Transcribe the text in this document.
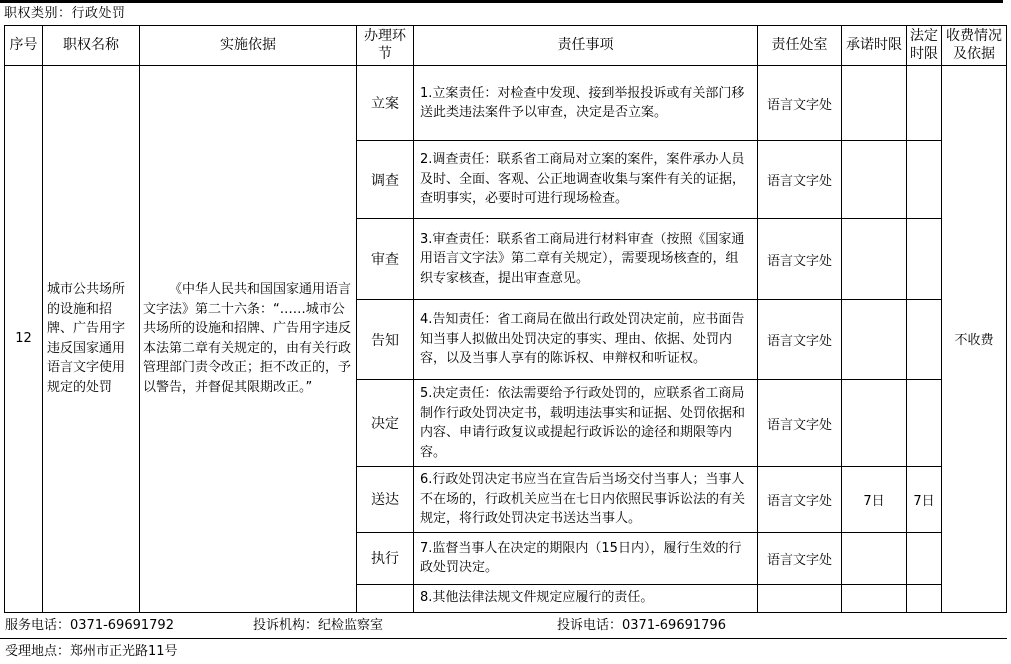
职权类别：行政处罚
序号	职权名称	实施依据	办理环节	责任事项	责任处室	承诺时限	法定时限	收费情况及依据
12	城市公共场所的设施和招牌、广告用字违反国家通用语言文字使用规定的处罚	《中华人民共和国国家通用语言文字法》第二十六条：“……城市公共场所的设施和招牌、广告用字违反本法第二章有关规定的，由有关行政管理部门责令改正；拒不改正的，予以警告，并督促其限期改正。”	立案	1.立案责任：对检查中发现、接到举报投诉或有关部门移送此类违法案件予以审查，决定是否立案。	语言文字处			不收费
			调查	2.调查责任：联系省工商局对立案的案件，案件承办人员及时、全面、客观、公正地调查收集与案件有关的证据，查明事实，必要时可进行现场检查。	语言文字处			
			审查	3.审查责任：联系省工商局进行材料审查（按照《国家通用语言文字法》第二章有关规定），需要现场核查的，组织专家核查，提出审查意见。	语言文字处			
			告知	4.告知责任：省工商局在做出行政处罚决定前，应书面告知当事人拟做出处罚决定的事实、理由、依据、处罚内容，以及当事人享有的陈诉权、申辩权和听证权。	语言文字处			
			决定	5.决定责任：依法需要给予行政处罚的，应联系省工商局制作行政处罚决定书，载明违法事实和证据、处罚依据和内容、申请行政复议或提起行政诉讼的途径和期限等内容。	语言文字处			
			送达	6.行政处罚决定书应当在宣告后当场交付当事人；当事人不在场的，行政机关应当在七日内依照民事诉讼法的有关规定，将行政处罚决定书送达当事人。	语言文字处	7日	7日	
			执行	7.监督当事人在决定的期限内（15日内），履行生效的行政处罚决定。	语言文字处			
				8.其他法律法规文件规定应履行的责任。				
服务电话：0371-69691792	投诉机构：纪检监察室	投诉电话：0371-69691796
受理地点：郑州市正光路11号
